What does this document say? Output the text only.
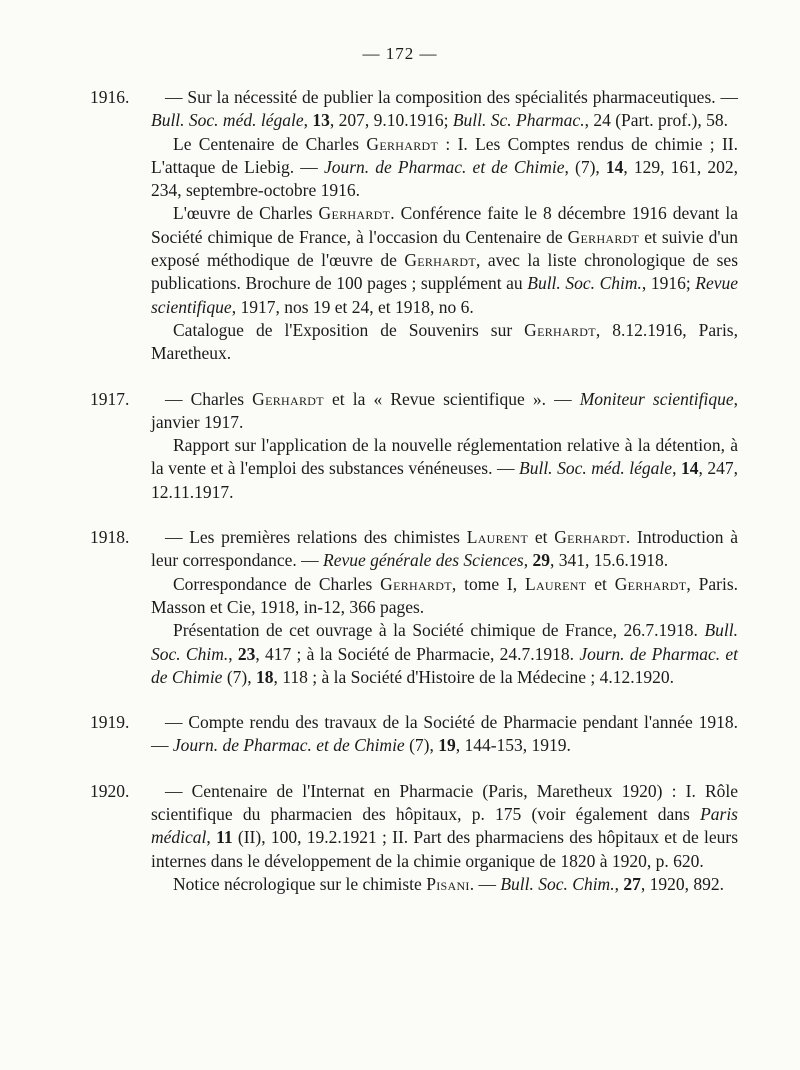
— 172 —
1916.	— Sur la nécessité de publier la composition des spécialités pharmaceutiques. — Bull. Soc. méd. légale, 13, 207, 9.10.1916; Bull. Sc. Pharmac., 24 (Part. prof.), 58.

Le Centenaire de Charles Gerhardt : I. Les Comptes rendus de chimie ; II. L'attaque de Liebig. — Journ. de Pharmac. et de Chimie, (7), 14, 129, 161, 202, 234, septembre-octobre 1916.

L'œuvre de Charles Gerhardt. Conférence faite le 8 décembre 1916 devant la Société chimique de France, à l'occasion du Centenaire de Gerhardt et suivie d'un exposé méthodique de l'œuvre de Gerhardt, avec la liste chronologique de ses publications. Brochure de 100 pages ; supplément au Bull. Soc. Chim., 1916; Revue scientifique, 1917, nos 19 et 24, et 1918, no 6.

Catalogue de l'Exposition de Souvenirs sur Gerhardt, 8.12.1916, Paris, Maretheux.

1917.	— Charles Gerhardt et la « Revue scientifique ». — Moniteur scientifique, janvier 1917.

Rapport sur l'application de la nouvelle réglementation relative à la détention, à la vente et à l'emploi des substances vénéneuses. — Bull. Soc. méd. légale, 14, 247, 12.11.1917.

1918.	— Les premières relations des chimistes Laurent et Gerhardt. Introduction à leur correspondance. — Revue générale des Sciences, 29, 341, 15.6.1918.

Correspondance de Charles Gerhardt, tome I, Laurent et Gerhardt, Paris. Masson et Cie, 1918, in-12, 366 pages.

Présentation de cet ouvrage à la Société chimique de France, 26.7.1918. Bull. Soc. Chim., 23, 417 ; à la Société de Pharmacie, 24.7.1918. Journ. de Pharmac. et de Chimie (7), 18, 118 ; à la Société d'Histoire de la Médecine ; 4.12.1920.

1919.	— Compte rendu des travaux de la Société de Pharmacie pendant l'année 1918. — Journ. de Pharmac. et de Chimie (7), 19, 144-153, 1919.

1920.	— Centenaire de l'Internat en Pharmacie (Paris, Maretheux 1920) : I. Rôle scientifique du pharmacien des hôpitaux, p. 175 (voir également dans Paris médical, 11 (II), 100, 19.2.1921 ; II. Part des pharmaciens des hôpitaux et de leurs internes dans le développement de la chimie organique de 1820 à 1920, p. 620.

Notice nécrologique sur le chimiste Pisani. — Bull. Soc. Chim., 27, 1920, 892.
